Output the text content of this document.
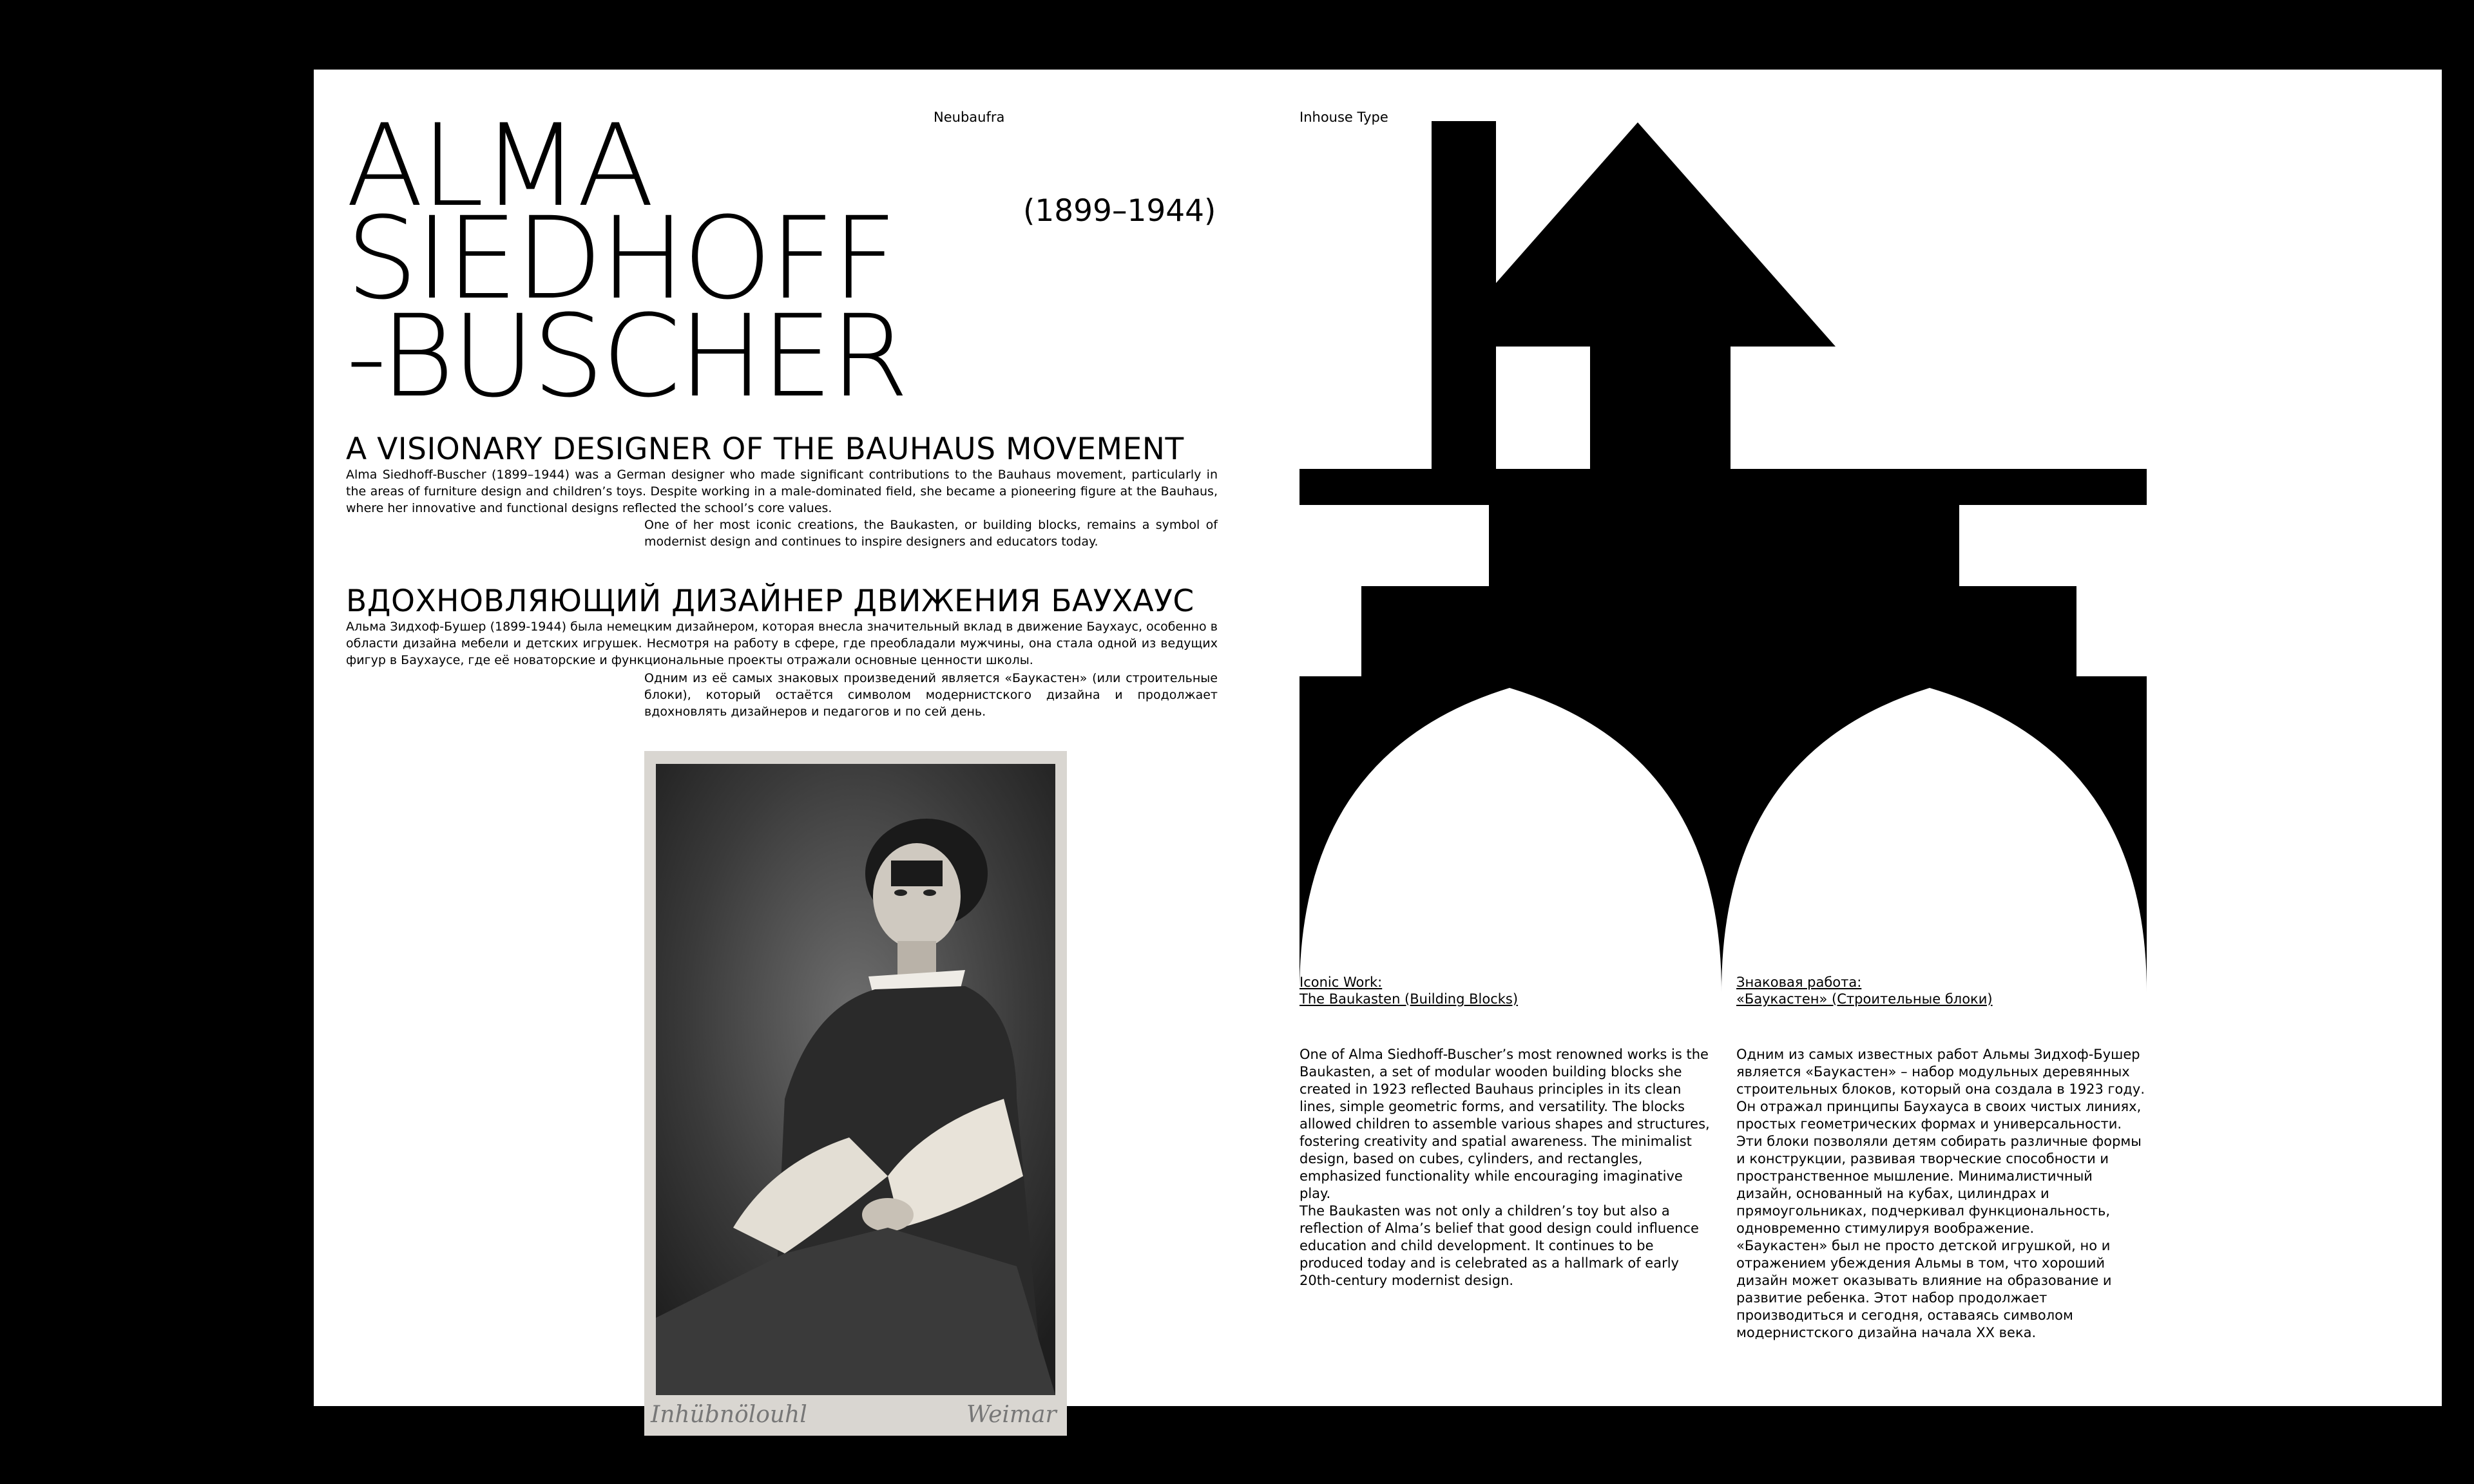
ALMA
SIEDHOFF
-BUSCHER
Neubaufra
(1899–1944)
A VISIONARY DESIGNER OF THE BAUHAUS MOVEMENT
Alma Siedhoff-Buscher (1899–1944) was a German designer who made significant contributions to the Bauhaus movement, particularly in the areas of furniture design and children’s toys. Despite working in a male-dominated field, she became a pioneering figure at the Bauhaus, where her innovative and functional designs reflected the school’s core values.
One of her most iconic creations, the Baukasten, or building blocks, remains a symbol of modernist design and continues to inspire designers and educators today.
ВДОХНОВЛЯЮЩИЙ ДИЗАЙНЕР ДВИЖЕНИЯ БАУХАУС
Альма Зидхоф-Бушер (1899-1944) была немецким дизайнером, которая внесла значительный вклад в движение Баухаус, особенно в области дизайна мебели и детских игрушек. Несмотря на работу в сфере, где преобладали мужчины, она стала одной из ведущих фигур в Баухаусе, где её новаторские и функциональные проекты отражали основные ценности школы.
Одним из её самых знаковых произведений является «Баукастен» (или строительные блоки), который остаётся символом модернистского дизайна и продолжает вдохновлять дизайнеров и педагогов и по сей день.
Inhübnölouhl	Weimar
Inhouse Type
Iconic Work:
The Baukasten (Building Blocks)
One of Alma Siedhoff-Buscher’s most renowned works is the Baukasten, a set of modular wooden building blocks she created in 1923 reflected Bauhaus principles in its clean lines, simple geometric forms, and versatility. The blocks allowed children to assemble various shapes and structures, fostering creativity and spatial awareness. The minimalist design, based on cubes, cylinders, and rectangles, emphasized functionality while encouraging imaginative play.
The Baukasten was not only a children’s toy but also a reflection of Alma’s belief that good design could influence education and child development. It continues to be produced today and is celebrated as a hallmark of early 20th-century modernist design.
Знаковая работа:
«Баукастен» (Строительные блоки)
Одним из самых известных работ Альмы Зидхоф-Бушер является «Баукастен» – набор модульных деревянных строительных блоков, который она создала в 1923 году. Он отражал принципы Баухауса в своих чистых линиях, простых геометрических формах и универсальности. Эти блоки позволяли детям собирать различные формы и конструкции, развивая творческие способности и пространственное мышление. Минималистичный дизайн, основанный на кубах, цилиндрах и прямоугольниках, подчеркивал функциональность, одновременно стимулируя воображение.
«Баукастен» был не просто детской игрушкой, но и отражением убеждения Альмы в том, что хороший дизайн может оказывать влияние на образование и развитие ребенка. Этот набор продолжает производиться и сегодня, оставаясь символом модернистского дизайна начала XX века.
